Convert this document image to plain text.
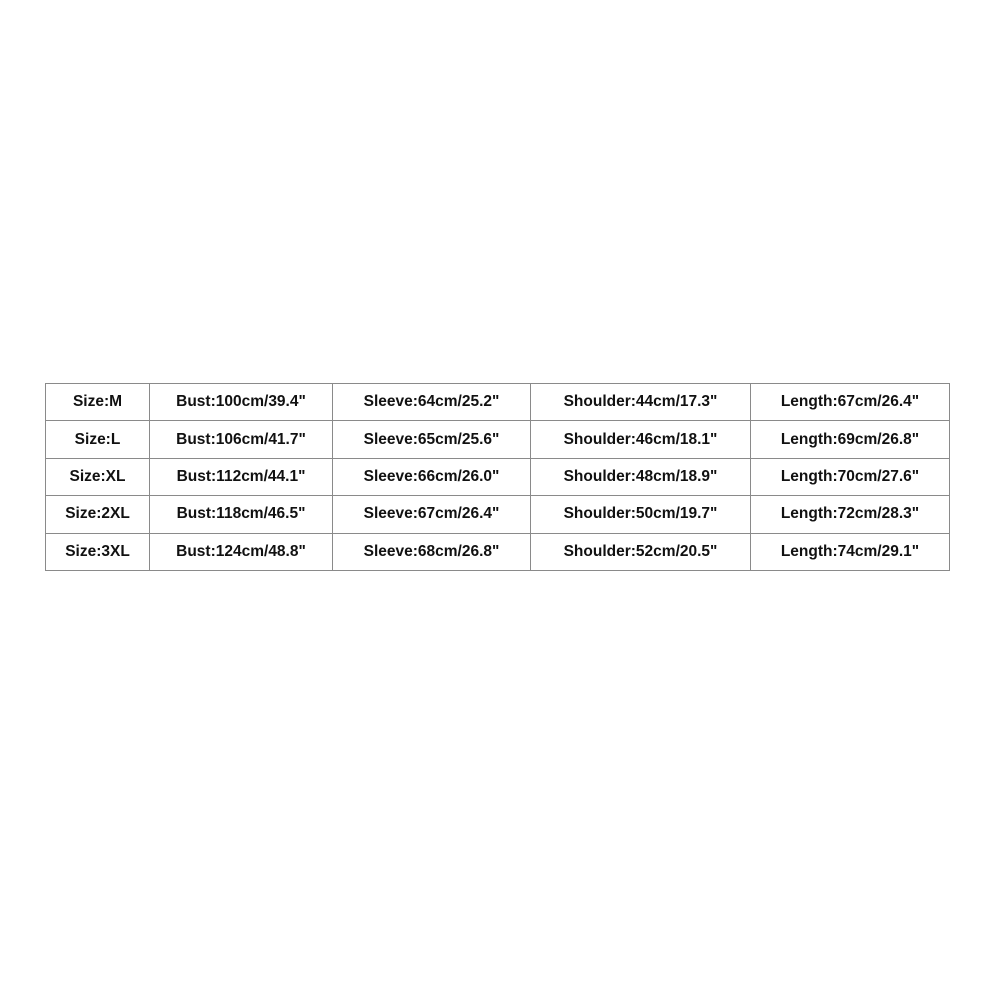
Size:M	Bust:100cm/39.4"	Sleeve:64cm/25.2"	Shoulder:44cm/17.3"	Length:67cm/26.4"
Size:L	Bust:106cm/41.7"	Sleeve:65cm/25.6"	Shoulder:46cm/18.1"	Length:69cm/26.8"
Size:XL	Bust:112cm/44.1"	Sleeve:66cm/26.0"	Shoulder:48cm/18.9"	Length:70cm/27.6"
Size:2XL	Bust:118cm/46.5"	Sleeve:67cm/26.4"	Shoulder:50cm/19.7"	Length:72cm/28.3"
Size:3XL	Bust:124cm/48.8"	Sleeve:68cm/26.8"	Shoulder:52cm/20.5"	Length:74cm/29.1"
